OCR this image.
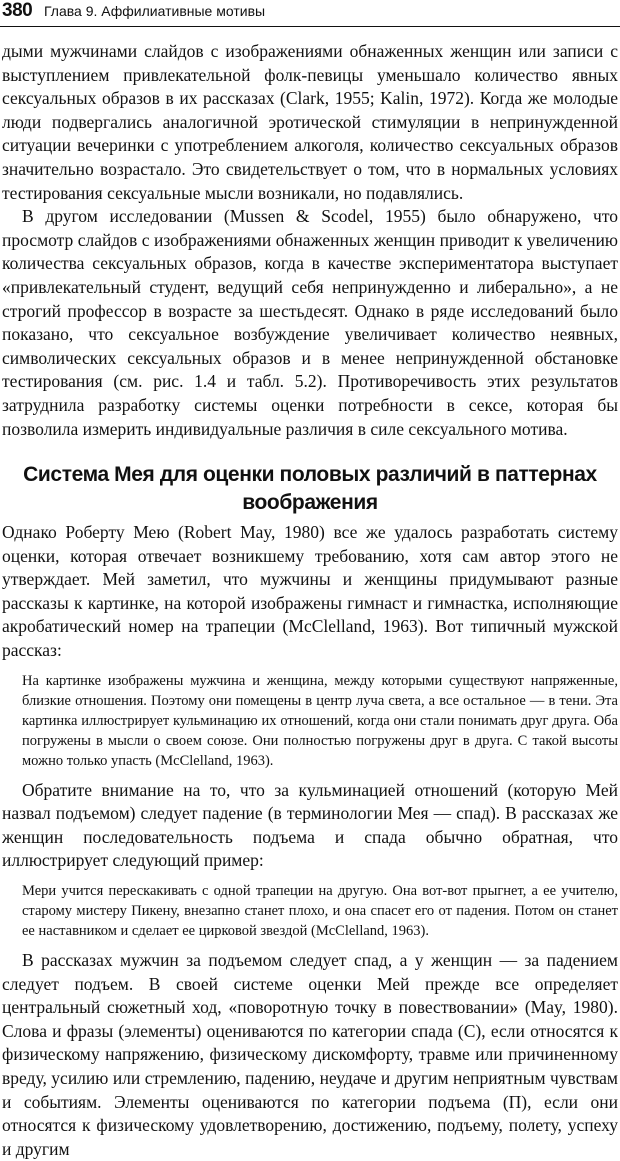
380 Глава 9. Аффилиативные мотивы

дыми мужчинами слайдов с изображениями обнаженных женщин или записи с выступлением привлекательной фолк-певицы уменьшало количество явных сексуальных образов в их рассказах (Clark, 1955; Kalin, 1972). Когда же молодые люди подвергались аналогичной эротической стимуляции в непринужденной ситуации вечеринки с употреблением алкоголя, количество сексуальных образов значительно возрастало. Это свидетельствует о том, что в нормальных условиях тестирования сексуальные мысли возникали, но подавлялись.

В другом исследовании (Mussen & Scodel, 1955) было обнаружено, что просмотр слайдов с изображениями обнаженных женщин приводит к увеличению количества сексуальных образов, когда в качестве экспериментатора выступает «привлекательный студент, ведущий себя непринужденно и либерально», а не строгий профессор в возрасте за шестьдесят. Однако в ряде исследований было показано, что сексуальное возбуждение увеличивает количество неявных, символических сексуальных образов и в менее непринужденной обстановке тестирования (см. рис. 1.4 и табл. 5.2). Противоречивость этих результатов затруднила разработку системы оценки потребности в сексе, которая бы позволила измерить индивидуальные различия в силе сексуального мотива.

Система Мея для оценки половых различий в паттернах воображения

Однако Роберту Мею (Robert May, 1980) все же удалось разработать систему оценки, которая отвечает возникшему требованию, хотя сам автор этого не утверждает. Мей заметил, что мужчины и женщины придумывают разные рассказы к картинке, на которой изображены гимнаст и гимнастка, исполняющие акробатический номер на трапеции (McClelland, 1963). Вот типичный мужской рассказ:

На картинке изображены мужчина и женщина, между которыми существуют напряженные, близкие отношения. Поэтому они помещены в центр луча света, а все остальное — в тени. Эта картинка иллюстрирует кульминацию их отношений, когда они стали понимать друг друга. Оба погружены в мысли о своем союзе. Они полностью погружены друг в друга. С такой высоты можно только упасть (McClelland, 1963).

Обратите внимание на то, что за кульминацией отношений (которую Мей назвал подъемом) следует падение (в терминологии Мея — спад). В рассказах же женщин последовательность подъема и спада обычно обратная, что иллюстрирует следующий пример:

Мери учится перескакивать с одной трапеции на другую. Она вот-вот прыгнет, а ее учителю, старому мистеру Пикену, внезапно станет плохо, и она спасет его от падения. Потом он станет ее наставником и сделает ее цирковой звездой (McClelland, 1963).

В рассказах мужчин за подъемом следует спад, а у женщин — за падением следует подъем. В своей системе оценки Мей прежде все определяет центральный сюжетный ход, «поворотную точку в повествовании» (May, 1980). Слова и фразы (элементы) оцениваются по категории спада (С), если относятся к физическому напряжению, физическому дискомфорту, травме или причиненному вреду, усилию или стремлению, падению, неудаче и другим неприятным чувствам и событиям. Элементы оцениваются по категории подъема (П), если они относятся к физическому удовлетворению, достижению, подъему, полету, успеху и другим
